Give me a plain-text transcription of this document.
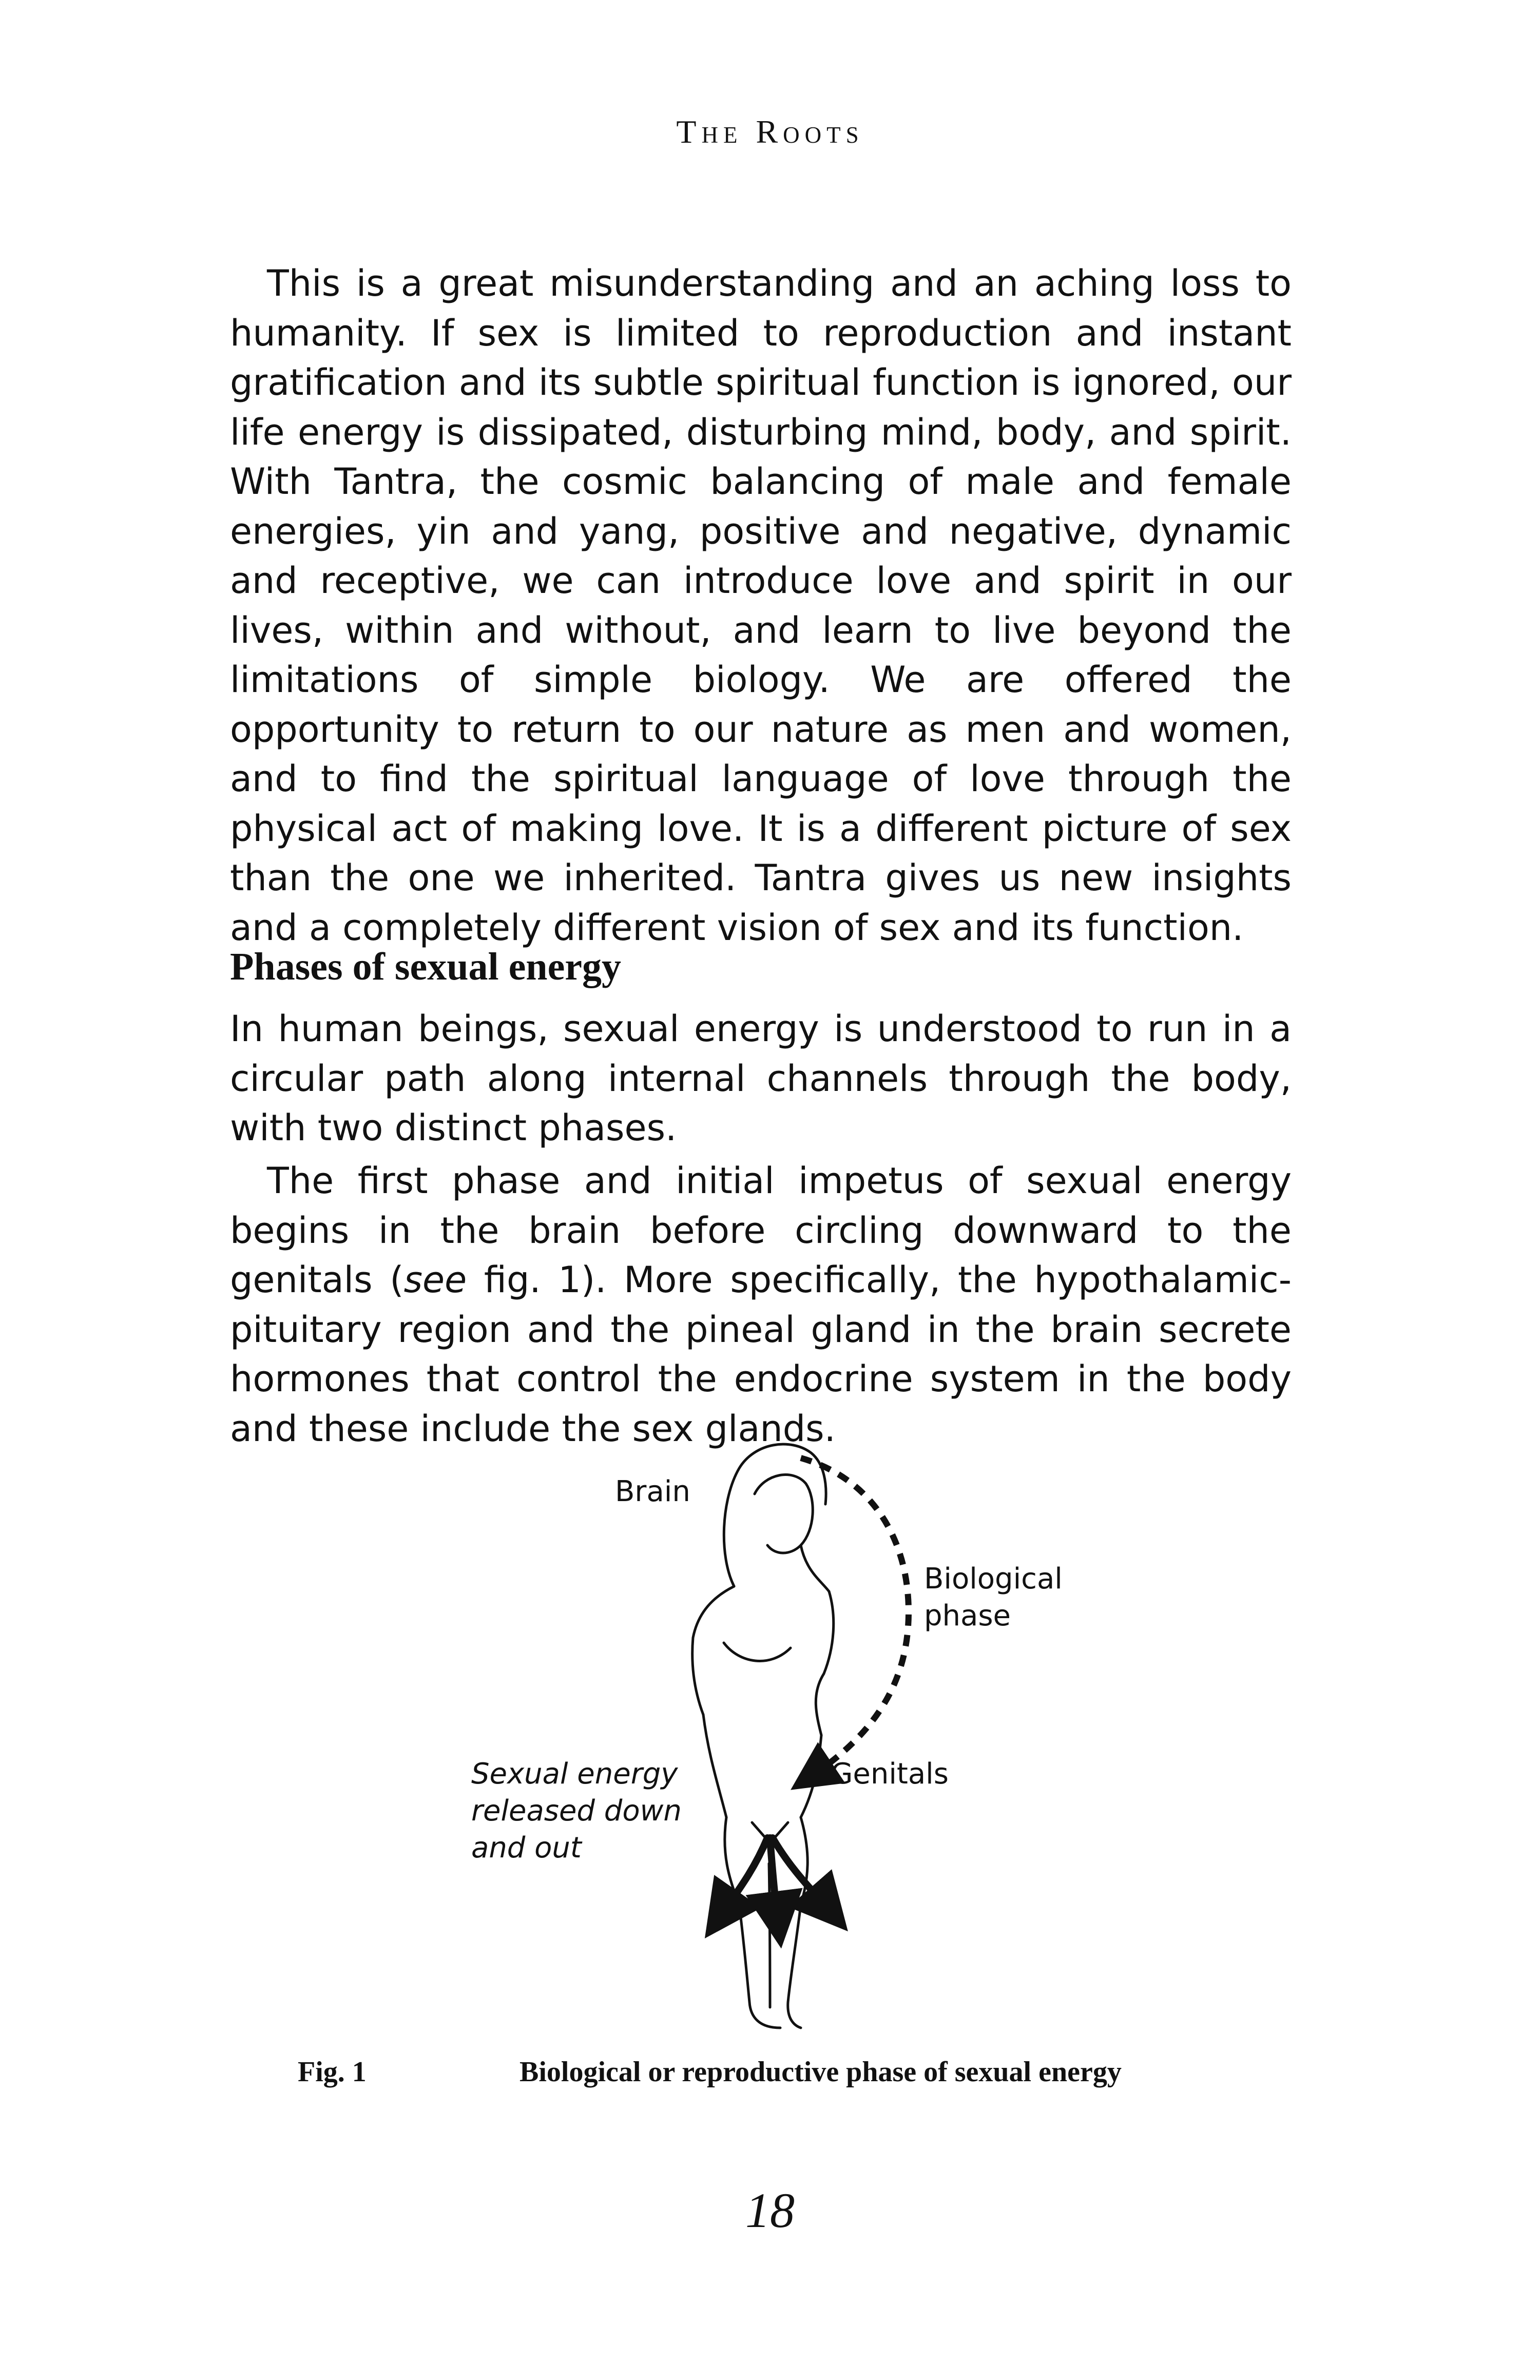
The Roots

This is a great misunderstanding and an aching loss to humanity. If sex is limited to reproduction and instant gratification and its subtle spiritual function is ignored, our life energy is dissipated, disturbing mind, body, and spirit. With Tantra, the cosmic balancing of male and female energies, yin and yang, positive and negative, dynamic and receptive, we can introduce love and spirit in our lives, within and without, and learn to live beyond the limitations of simple biology. We are offered the opportunity to return to our nature as men and women, and to find the spiritual language of love through the physical act of making love. It is a different picture of sex than the one we inherited. Tantra gives us new insights and a completely different vision of sex and its function.

Phases of sexual energy

In human beings, sexual energy is understood to run in a circular path along internal channels through the body, with two distinct phases.

The first phase and initial impetus of sexual energy begins in the brain before circling downward to the genitals (see fig. 1). More specifically, the hypothalamic-pituitary region and the pineal gland in the brain secrete hormones that control the endocrine system in the body and these include the sex glands.

Brain
Biological
phase
Genitals
Sexual energy
released down
and out
Fig. 1	Biological or reproductive phase of sexual energy
18
